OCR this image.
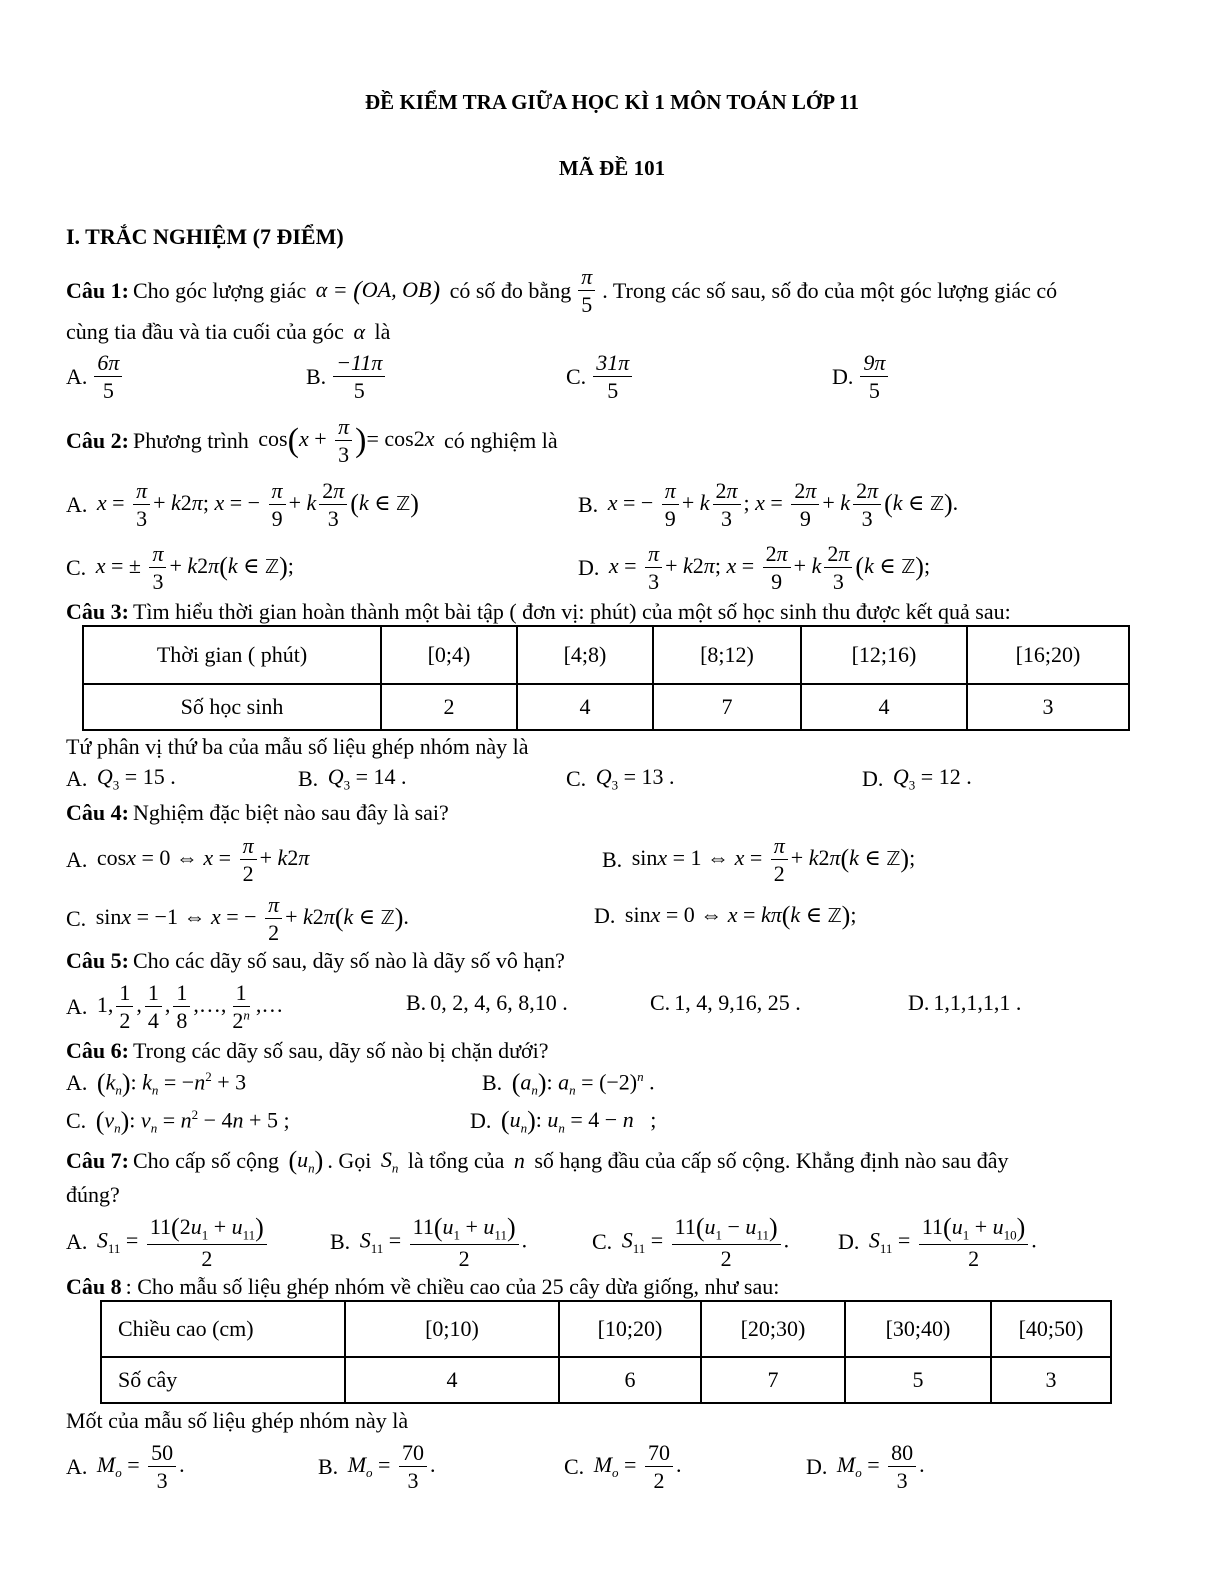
ĐỀ KIỂM TRA GIỮA HỌC KÌ 1 MÔN TOÁN LỚP 11
MÃ ĐỀ 101
I. TRẮC NGHIỆM (7 ĐIỂM)
Câu 1: Cho góc lượng giác α = (OA, OB) có số đo bằng $\frac{\pi}{5}$ . Trong các số sau, số đo của một góc lượng giác có
cùng tia đầu và tia cuối của góc α là
A. $\frac{6\pi}{5}$	B. $\frac{-11\pi}{5}$	C. $\frac{31\pi}{5}$	D. $\frac{9\pi}{5}$
Câu 2: Phương trình $\cos(x + \frac{\pi}{3}$ )= cos2x có nghiệm là
A. $x = \frac{\pi}{3} + k2\pi$; x = − $\frac{\pi}{9} + k \frac{2\pi}{3} (k$ ∈ ℤ)	B. x = − $\frac{\pi}{9} + k \frac{2\pi}{3}$ ; $x = \frac{2\pi}{9} + k \frac{2\pi}{3} (k$ ∈ ℤ).
C. x = ± $\frac{\pi}{3} + k2\pi(k$ ∈ ℤ);	D. $x = \frac{\pi}{3} + k2\pi$; $x = \frac{2\pi}{9} + k \frac{2\pi}{3} (k$ ∈ ℤ);
Câu 3: Tìm hiểu thời gian hoàn thành một bài tập ( đơn vị: phút) của một số học sinh thu được kết quả sau:
Thời gian ( phút)	[0;4)	[4;8)	[8;12)	[12;16)	[16;20)
Số học sinh	2	4	7	4	3
Tứ phân vị thứ ba của mẫu số liệu ghép nhóm này là
A. $Q_3 = 15$ .	B. $Q_3 = 14$ .	C. $Q_3 = 13$ .	D. $Q_3 = 12$ .
Câu 4: Nghiệm đặc biệt nào sau đây là sai?
A. cosx = 0 ⇔ $x = \frac{\pi}{2} + k2\pi$	B. sinx = 1 ⇔ $x = \frac{\pi}{2} + k2\pi(k$ ∈ ℤ);
C. sinx = −1 ⇔ x = − $\frac{\pi}{2} + k2\pi(k$ ∈ ℤ).	D. sinx = 0 ⇔ x = kπ(k ∈ ℤ);
Câu 5: Cho các dãy số sau, dãy số nào là dãy số vô hạn?
A. 1, $\frac{1}{2}$ , $\frac{1}{4}$ , $\frac{1}{8}$ ,…, $\frac{1}{2^n}$ ,…	B. 0, 2, 4, 6, 8,10 .	C. 1, 4, 9,16, 25 .	D. 1,1,1,1,1 .
Câu 6: Trong các dãy số sau, dãy số nào bị chặn dưới?
A. $(k_n)$: $k_n = -n^2 + 3$	B. $(a_n)$: $a_n = (-2)^n$ .
C. $(v_n)$: $v_n = n^2 - 4n + 5$ ;	D. $(u_n)$: $u_n = 4 - n$   ;
Câu 7: Cho cấp số cộng $(u_n)$ . Gọi $S_n$ là tổng của n số hạng đầu của cấp số cộng. Khẳng định nào sau đây
đúng?
A. $S_{11} = \frac{11(2u_1 + u_{11})}{2}$	B. $S_{11} = \frac{11(u_1 + u_{11})}{2}$ .	C. $S_{11} = \frac{11(u_1 - u_{11})}{2}$ . D. $S_{11} = \frac{11(u_1 + u_{10})}{2}$ .
Câu 8 : Cho mẫu số liệu ghép nhóm về chiều cao của 25 cây dừa giống, như sau:
Chiều cao (cm)	[0;10)	[10;20)	[20;30)	[30;40)	[40;50)
Số cây	4	6	7	5	3
Mốt của mẫu số liệu ghép nhóm này là
A. $M_o = \frac{50}{3}$ .	B. $M_o = \frac{70}{3}$ .	C. $M_o = \frac{70}{2}$ .	D. $M_o = \frac{80}{3}$ .
